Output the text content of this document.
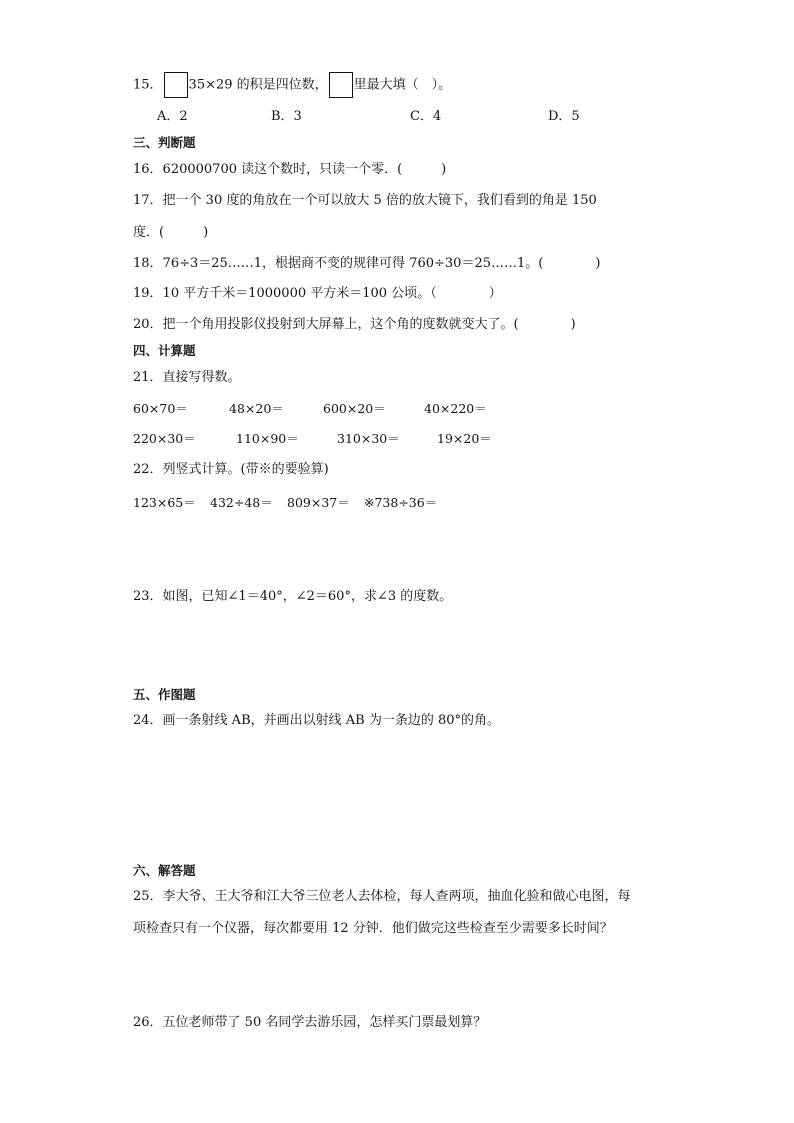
15． 35×29 的积是四位数， 里最大填（　）。
A．2	B．3	C．4	D．5
三、判断题
16．620000700 读这个数时，只读一个零．(　　　)
17．把一个 30 度的角放在一个可以放大 5 倍的放大镜下，我们看到的角是 150
度．(　　　)
18．76÷3＝25……1，根据商不变的规律可得 760÷30＝25……1。(　　　　)
19．10 平方千米＝1000000 平方米＝100 公顷。（　　　　）
20．把一个角用投影仪投射到大屏幕上，这个角的度数就变大了。(　　　　)
四、计算题
21．直接写得数。
60×70＝	48×20＝	600×20＝	40×220＝
220×30＝	110×90＝	310×30＝	19×20＝
22．列竖式计算。(带※的要验算)
123×65＝ 432÷48＝ 809×37＝ ※738÷36＝
23．如图，已知∠1＝40°，∠2＝60°，求∠3 的度数。
五、作图题
24．画一条射线 AB，并画出以射线 AB 为一条边的 80°的角。
六、解答题
25．李大爷、王大爷和江大爷三位老人去体检，每人查两项，抽血化验和做心电图，每
项检查只有一个仪器，每次都要用 12 分钟．他们做完这些检查至少需要多长时间？
26．五位老师带了 50 名同学去游乐园，怎样买门票最划算？
